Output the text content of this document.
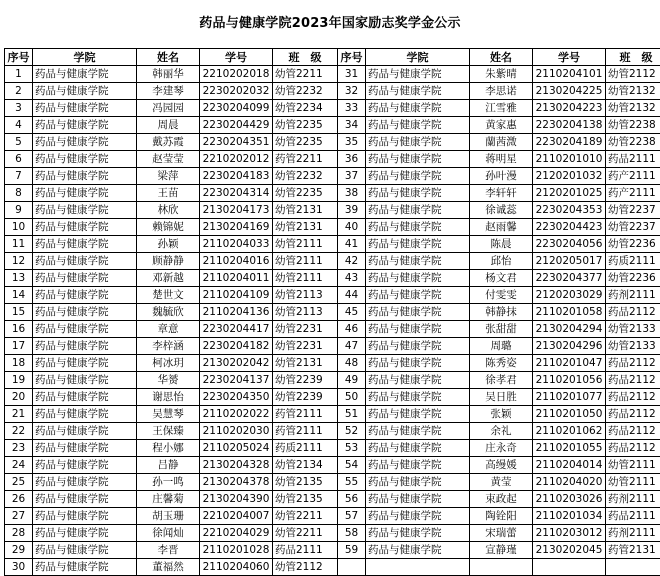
药品与健康学院2023年国家励志奖学金公示
序号	学院	姓名	学号	班　级	序号	学院	姓名	学号	班　级
1	药品与健康学院	韩丽华	2210202018	幼管2211	31	药品与健康学院	朱紫晴	2110204101	幼管2112
2	药品与健康学院	李建琴	2230202032	幼管2232	32	药品与健康学院	李思诺	2130204225	幼管2132
3	药品与健康学院	冯园园	2230204099	幼管2234	33	药品与健康学院	江雪雅	2130204223	幼管2132
4	药品与健康学院	周晨	2230204429	幼管2235	34	药品与健康学院	黄家惠	2230204138	幼管2238
5	药品与健康学院	戴苏霞	2230204351	幼管2235	35	药品与健康学院	蘭茜溦	2230204189	幼管2238
6	药品与健康学院	赵莹莹	2210202012	药管2211	36	药品与健康学院	蒋明星	2110201010	药品2111
7	药品与健康学院	梁萍	2230204183	幼管2232	37	药品与健康学院	孙叶漫	2120201032	药产2111
8	药品与健康学院	王苗	2230204314	幼管2235	38	药品与健康学院	李轩轩	2120201025	药产2111
9	药品与健康学院	林欣	2130204173	幼管2131	39	药品与健康学院	徐诚蕊	2230204353	幼管2237
10	药品与健康学院	赖锦妮	2130204169	幼管2131	40	药品与健康学院	赵雨馨	2230204423	幼管2237
11	药品与健康学院	孙颖	2110204033	幼管2111	41	药品与健康学院	陈晨	2230204056	幼管2236
12	药品与健康学院	顾静静	2110204016	幼管2111	42	药品与健康学院	邱怡	2120205017	药质2111
13	药品与健康学院	邓新越	2110204011	幼管2111	43	药品与健康学院	杨文君	2230204377	幼管2236
14	药品与健康学院	楚世文	2110204109	幼管2113	44	药品与健康学院	付雯雯	2120203029	药剂2111
15	药品与健康学院	魏毓欣	2110204136	幼管2113	45	药品与健康学院	韩静抹	2110201058	药品2112
16	药品与健康学院	章意	2230204417	幼管2231	46	药品与健康学院	张甜甜	2130204294	幼管2133
17	药品与健康学院	李梓涵	2230204182	幼管2231	47	药品与健康学院	周璐	2130204296	幼管2133
18	药品与健康学院	柯冰玥	2130202042	幼管2131	48	药品与健康学院	陈秀姿	2110201047	药品2112
19	药品与健康学院	华赟	2230204137	幼管2239	49	药品与健康学院	徐孝君	2110201056	药品2112
20	药品与健康学院	谢思怡	2230204350	幼管2239	50	药品与健康学院	吴日胜	2110201077	药品2112
21	药品与健康学院	吴慧琴	2110202022	药管2111	51	药品与健康学院	张颖	2110201050	药品2112
22	药品与健康学院	王保臻	2110202030	药管2111	52	药品与健康学院	余礼	2110201062	药品2112
23	药品与健康学院	程小娜	2110205024	药质2111	53	药品与健康学院	庄永奇	2110201055	药品2112
24	药品与健康学院	吕静	2130204328	幼管2134	54	药品与健康学院	高缦媛	2110204014	幼管2111
25	药品与健康学院	孙一鸣	2130204378	幼管2135	55	药品与健康学院	黄莹	2110204020	幼管2111
26	药品与健康学院	庄馨菊	2130204390	幼管2135	56	药品与健康学院	束政起	2110203026	药剂2111
27	药品与健康学院	胡玉珊	2210204007	幼管2211	57	药品与健康学院	陶铨阳	2110201034	药品2111
28	药品与健康学院	徐闻灿	2210204029	幼管2211	58	药品与健康学院	宋瑞蕾	2110203012	药剂2111
29	药品与健康学院	李晋	2110201028	药品2111	59	药品与健康学院	宣静瑾	2130202045	药管2131
30	药品与健康学院	董福然	2110204060	幼管2112					
